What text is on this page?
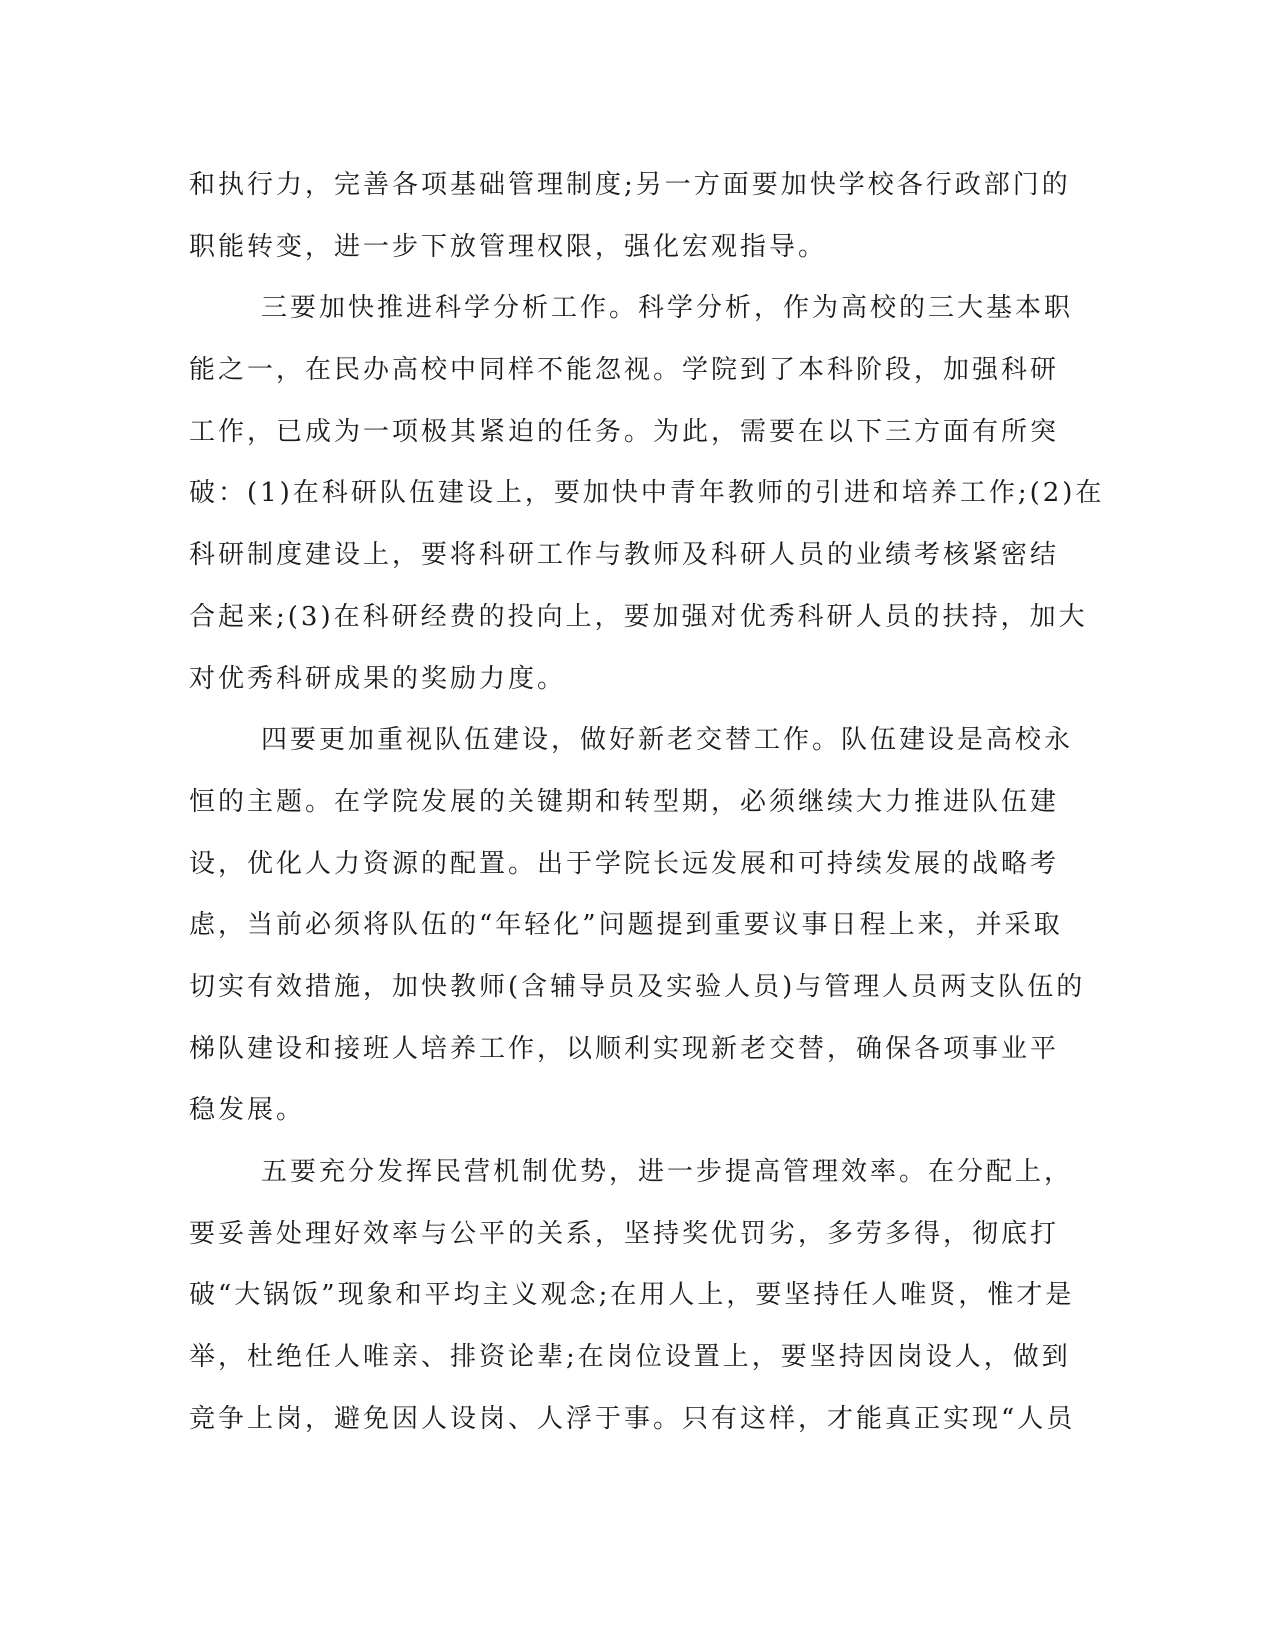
和执行力，完善各项基础管理制度;另一方面要加快学校各行政部门的
职能转变，进一步下放管理权限，强化宏观指导。
三要加快推进科学分析工作。科学分析，作为高校的三大基本职
能之一，在民办高校中同样不能忽视。学院到了本科阶段，加强科研
工作，已成为一项极其紧迫的任务。为此，需要在以下三方面有所突
破：(1)在科研队伍建设上，要加快中青年教师的引进和培养工作;(2)在
科研制度建设上，要将科研工作与教师及科研人员的业绩考核紧密结
合起来;(3)在科研经费的投向上，要加强对优秀科研人员的扶持，加大
对优秀科研成果的奖励力度。
四要更加重视队伍建设，做好新老交替工作。队伍建设是高校永
恒的主题。在学院发展的关键期和转型期，必须继续大力推进队伍建
设，优化人力资源的配置。出于学院长远发展和可持续发展的战略考
虑，当前必须将队伍的“年轻化”问题提到重要议事日程上来，并采取
切实有效措施，加快教师(含辅导员及实验人员)与管理人员两支队伍的
梯队建设和接班人培养工作，以顺利实现新老交替，确保各项事业平
稳发展。
五要充分发挥民营机制优势，进一步提高管理效率。在分配上，
要妥善处理好效率与公平的关系，坚持奖优罚劣，多劳多得，彻底打
破“大锅饭”现象和平均主义观念;在用人上，要坚持任人唯贤，惟才是
举，杜绝任人唯亲、排资论辈;在岗位设置上，要坚持因岗设人，做到
竞争上岗，避免因人设岗、人浮于事。只有这样，才能真正实现“人员
